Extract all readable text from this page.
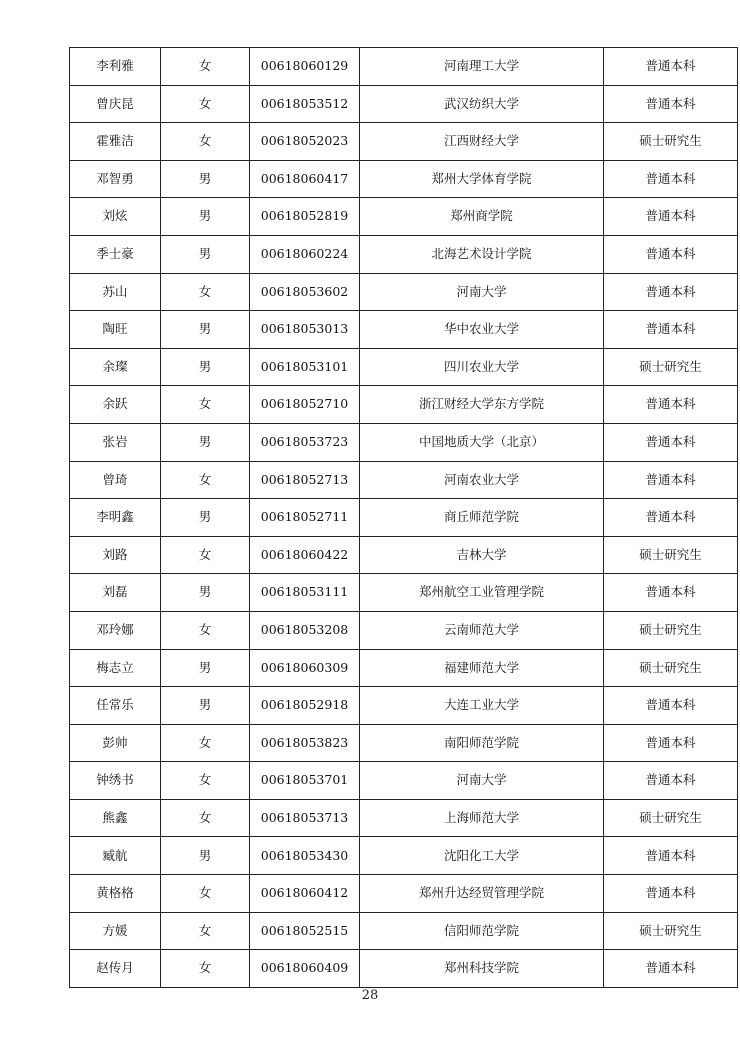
李利雅	女	00618060129	河南理工大学	普通本科
曾庆昆	女	00618053512	武汉纺织大学	普通本科
霍雅洁	女	00618052023	江西财经大学	硕士研究生
邓智勇	男	00618060417	郑州大学体育学院	普通本科
刘炫	男	00618052819	郑州商学院	普通本科
季士豪	男	00618060224	北海艺术设计学院	普通本科
苏山	女	00618053602	河南大学	普通本科
陶旺	男	00618053013	华中农业大学	普通本科
余璨	男	00618053101	四川农业大学	硕士研究生
余跃	女	00618052710	浙江财经大学东方学院	普通本科
张岩	男	00618053723	中国地质大学（北京）	普通本科
曾琦	女	00618052713	河南农业大学	普通本科
李明鑫	男	00618052711	商丘师范学院	普通本科
刘路	女	00618060422	吉林大学	硕士研究生
刘磊	男	00618053111	郑州航空工业管理学院	普通本科
邓玲娜	女	00618053208	云南师范大学	硕士研究生
梅志立	男	00618060309	福建师范大学	硕士研究生
任常乐	男	00618052918	大连工业大学	普通本科
彭帅	女	00618053823	南阳师范学院	普通本科
钟绣书	女	00618053701	河南大学	普通本科
熊鑫	女	00618053713	上海师范大学	硕士研究生
臧航	男	00618053430	沈阳化工大学	普通本科
黄格格	女	00618060412	郑州升达经贸管理学院	普通本科
方媛	女	00618052515	信阳师范学院	硕士研究生
赵传月	女	00618060409	郑州科技学院	普通本科
28
